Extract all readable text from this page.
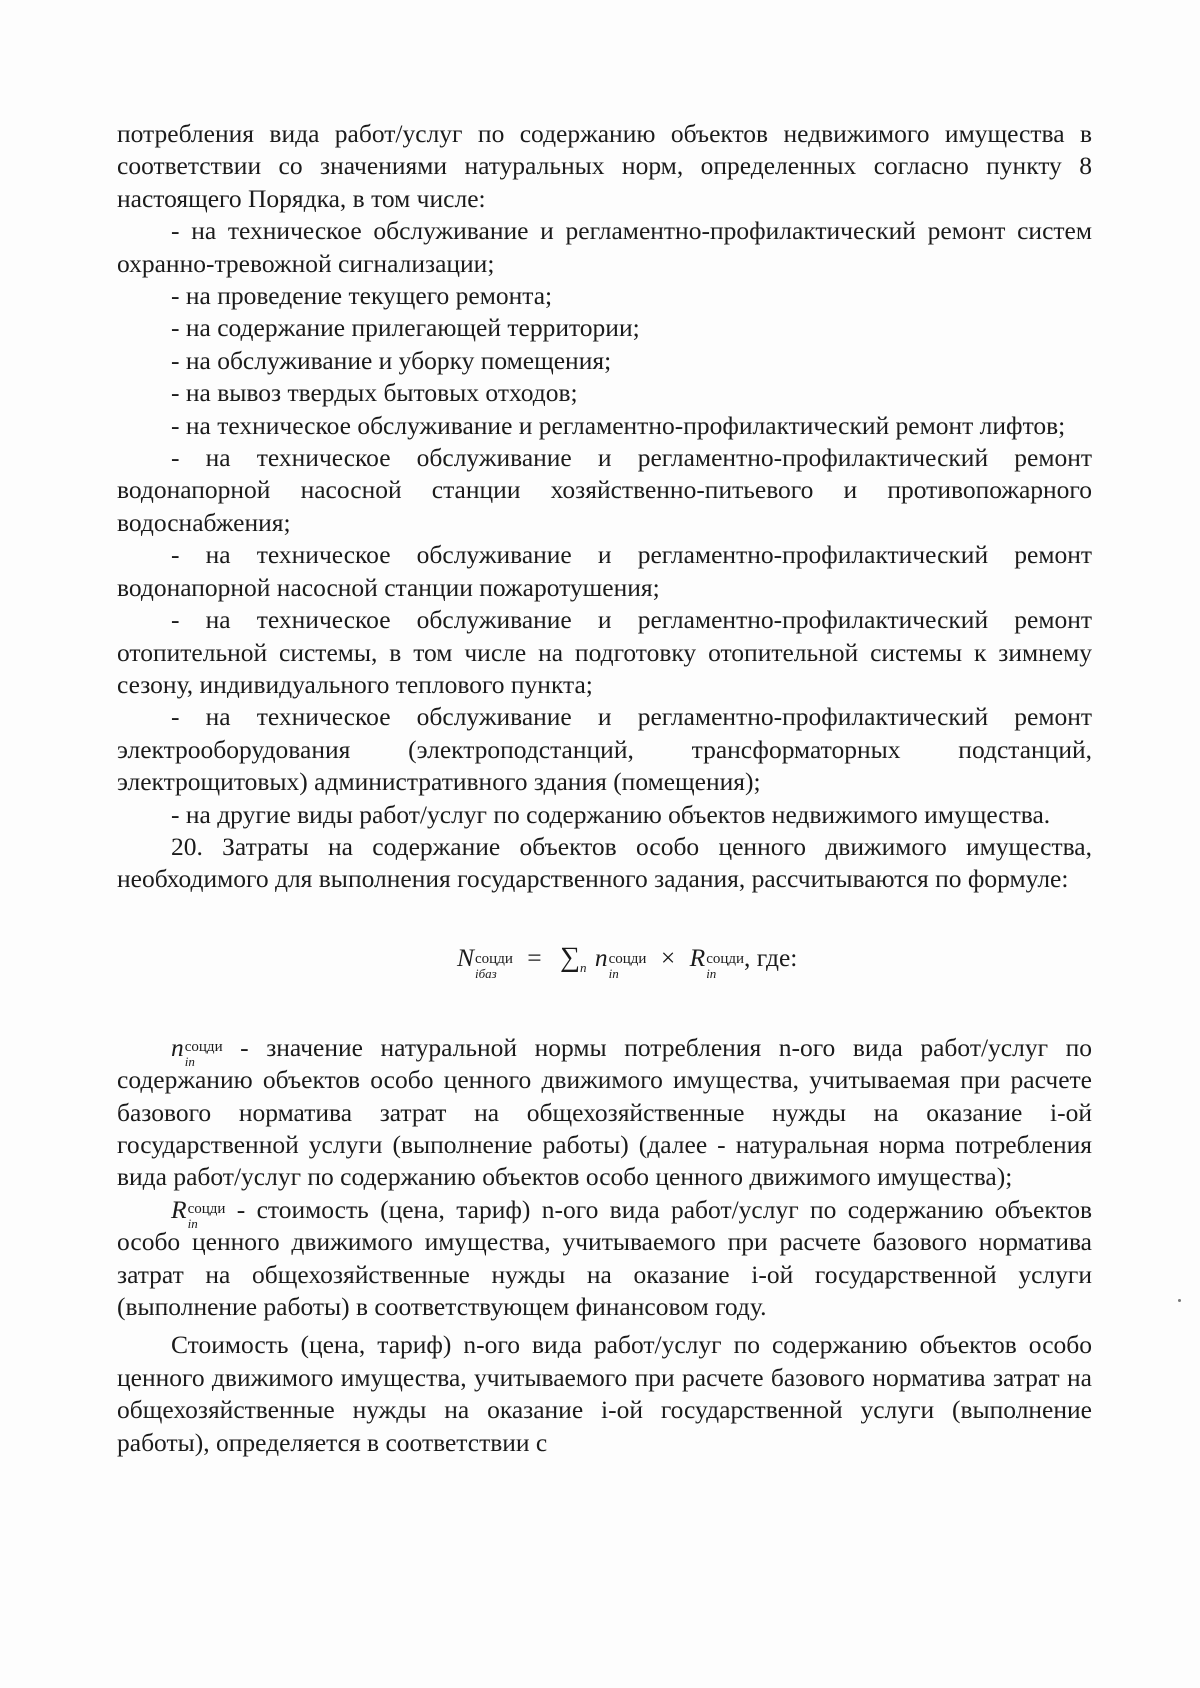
потребления вида работ/услуг по содержанию объектов недвижимого имущества в соответствии со значениями натуральных норм, определенных согласно пункту 8 настоящего Порядка, в том числе:

- на техническое обслуживание и регламентно-профилактический ремонт систем охранно-тревожной сигнализации;

- на проведение текущего ремонта;

- на содержание прилегающей территории;

- на обслуживание и уборку помещения;

- на вывоз твердых бытовых отходов;

- на техническое обслуживание и регламентно-профилактический ремонт лифтов;

- на техническое обслуживание и регламентно-профилактический ремонт водонапорной насосной станции хозяйственно-питьевого и противопожарного водоснабжения;

- на техническое обслуживание и регламентно-профилактический ремонт водонапорной насосной станции пожаротушения;

- на техническое обслуживание и регламентно-профилактический ремонт отопительной системы, в том числе на подготовку отопительной системы к зимнему сезону, индивидуального теплового пункта;

- на техническое обслуживание и регламентно-профилактический ремонт электрооборудования (электроподстанций, трансформаторных подстанций, электрощитовых) административного здания (помещения);

- на другие виды работ/услуг по содержанию объектов недвижимого имущества.

20. Затраты на содержание объектов особо ценного движимого имущества, необходимого для выполнения государственного задания, рассчитываются по формуле:

N соцди
iбаз
= $\sum_n$ n соцди
in
× R соцди
in
, где:

n соцди
in	- значение натуральной нормы потребления n-ого вида работ/услуг по содержанию объектов особо ценного движимого имущества, учитываемая при расчете базового норматива затрат на общехозяйственные нужды на оказание i-ой государственной услуги (выполнение работы) (далее - натуральная норма потребления вида работ/услуг по содержанию объектов особо ценного движимого имущества);

R соцди
in	- стоимость (цена, тариф) n-ого вида работ/услуг по содержанию объектов особо ценного движимого имущества, учитываемого при расчете базового норматива затрат на общехозяйственные нужды на оказание i-ой государственной услуги (выполнение работы) в соответствующем финансовом году.

Стоимость (цена, тариф) n-ого вида работ/услуг по содержанию объектов особо ценного движимого имущества, учитываемого при расчете базового норматива затрат на общехозяйственные нужды на оказание i-ой государственной услуги (выполнение работы), определяется в соответствии с
